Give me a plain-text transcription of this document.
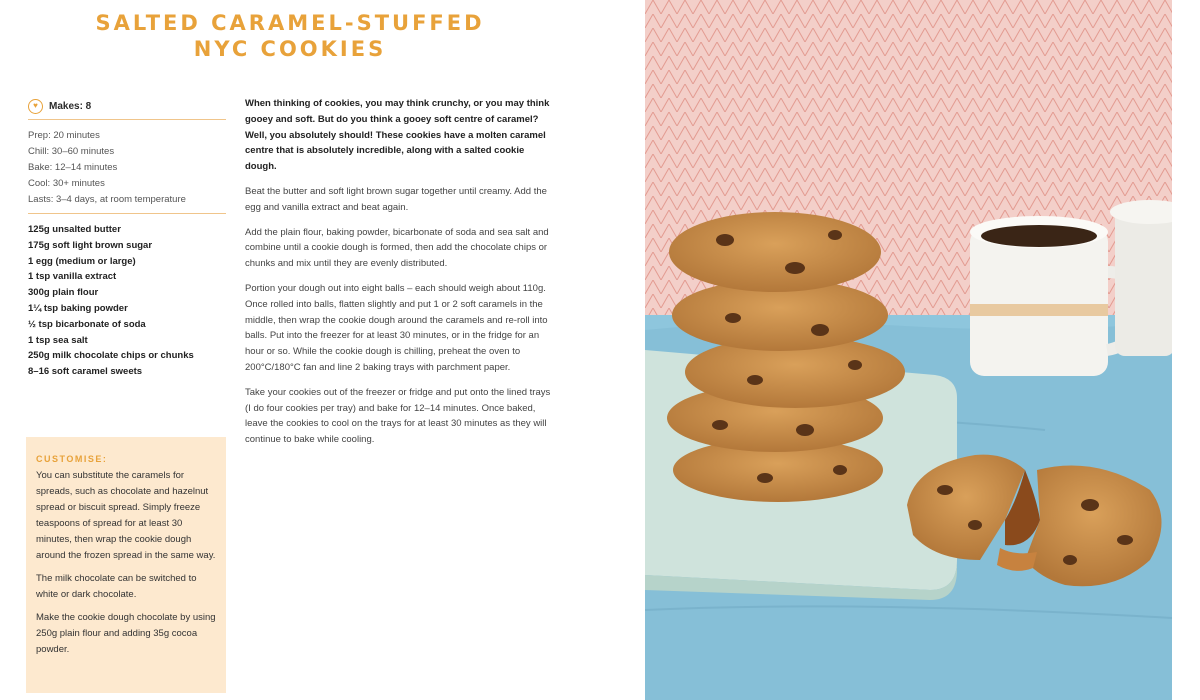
SALTED CARAMEL-STUFFED
NYC COOKIES
♥	Makes: 8
Prep: 20 minutes
Chill: 30–60 minutes
Bake: 12–14 minutes
Cool: 30+ minutes
Lasts: 3–4 days, at room temperature
125g unsalted butter
175g soft light brown sugar
1 egg (medium or large)
1 tsp vanilla extract
300g plain flour
1¼ tsp baking powder
½ tsp bicarbonate of soda
1 tsp sea salt
250g milk chocolate chips or chunks
8–16 soft caramel sweets
CUSTOMISE:

You can substitute the caramels for spreads, such as chocolate and hazelnut spread or biscuit spread. Simply freeze teaspoons of spread for at least 30 minutes, then wrap the cookie dough around the frozen spread in the same way.

The milk chocolate can be switched to white or dark chocolate.

Make the cookie dough chocolate by using 250g plain flour and adding 35g cocoa powder.

When thinking of cookies, you may think crunchy, or you may think gooey and soft. But do you think a gooey soft centre of caramel? Well, you absolutely should! These cookies have a molten caramel centre that is absolutely incredible, along with a salted cookie dough.

Beat the butter and soft light brown sugar together until creamy. Add the egg and vanilla extract and beat again.

Add the plain flour, baking powder, bicarbonate of soda and sea salt and combine until a cookie dough is formed, then add the chocolate chips or chunks and mix until they are evenly distributed.

Portion your dough out into eight balls – each should weigh about 110g. Once rolled into balls, flatten slightly and put 1 or 2 soft caramels in the middle, then wrap the cookie dough around the caramels and re-roll into balls. Put into the freezer for at least 30 minutes, or in the fridge for an hour or so. While the cookie dough is chilling, preheat the oven to 200°C/180°C fan and line 2 baking trays with parchment paper.

Take your cookies out of the freezer or fridge and put onto the lined trays (I do four cookies per tray) and bake for 12–14 minutes. Once baked, leave the cookies to cool on the trays for at least 30 minutes as they will continue to bake while cooling.
